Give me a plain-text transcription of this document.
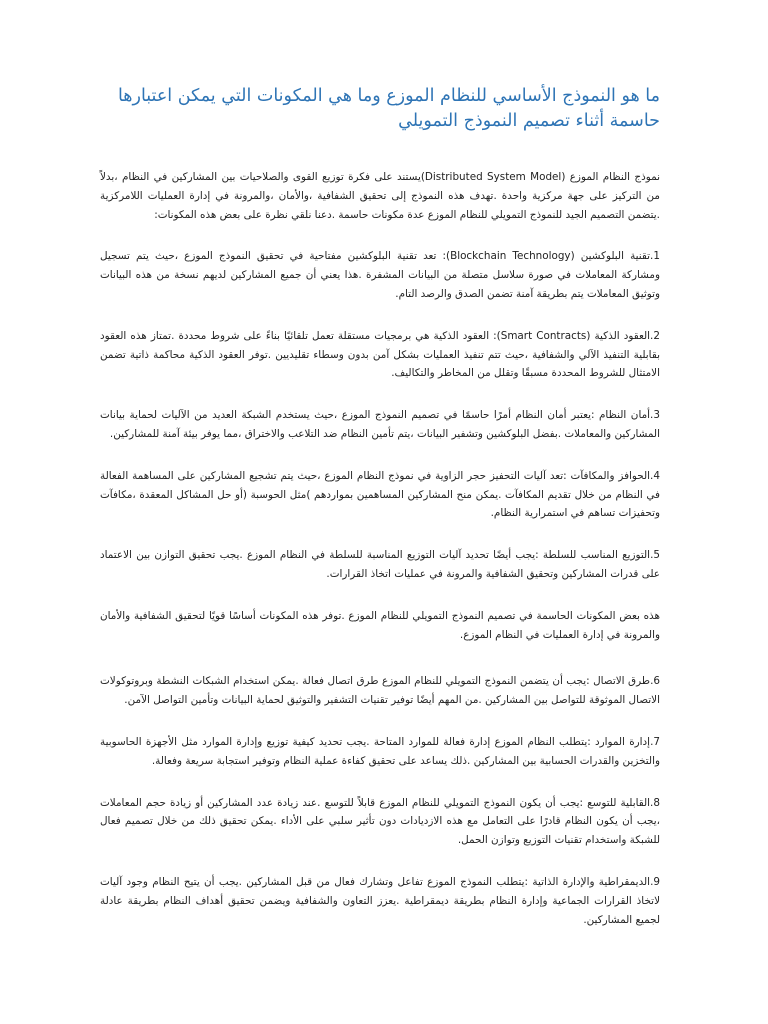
ما هو النموذج الأساسي للنظام الموزع وما هي المكونات التي يمكن اعتبارها حاسمة أثناء تصميم النموذج التمويلي

نموذج النظام الموزع (Distributed System Model)يستند على فكرة توزيع القوى والصلاحيات بين المشاركين في النظام ،بدلاً من التركيز على جهة مركزية واحدة .تهدف هذه النموذج إلى تحقيق الشفافية ،والأمان ،والمرونة في إدارة العمليات اللامركزية .يتضمن التصميم الجيد للنموذج التمويلي للنظام الموزع عدة مكونات حاسمة .دعنا نلقي نظرة على بعض هذه المكونات:

1.تقنية البلوكشين (Blockchain Technology): تعد تقنية البلوكشين مفتاحية في تحقيق النموذج الموزع ،حيث يتم تسجيل ومشاركة المعاملات في صورة سلاسل متصلة من البيانات المشفرة .هذا يعني أن جميع المشاركين لديهم نسخة من هذه البيانات وتوثيق المعاملات يتم بطريقة آمنة تضمن الصدق والرصد التام.

2.العقود الذكية (Smart Contracts): العقود الذكية هي برمجيات مستقلة تعمل تلقائيًا بناءً على شروط محددة .تمتاز هذه العقود بقابلية التنفيذ الآلي والشفافية ،حيث تتم تنفيذ العمليات بشكل آمن بدون وسطاء تقليديين .توفر العقود الذكية محاكمة ذاتية تضمن الامتثال للشروط المحددة مسبقًا وتقلل من المخاطر والتكاليف.

3.أمان النظام :يعتبر أمان النظام أمرًا حاسمًا في تصميم النموذج الموزع ،حيث يستخدم الشبكة العديد من الآليات لحماية بيانات المشاركين والمعاملات .بفضل البلوكشين وتشفير البيانات ،يتم تأمين النظام ضد التلاعب والاختراق ،مما يوفر بيئة آمنة للمشاركين.

4.الحوافز والمكافآت :تعد آليات التحفيز حجر الزاوية في نموذج النظام الموزع ،حيث يتم تشجيع المشاركين على المساهمة الفعالة في النظام من خلال تقديم المكافآت .يمكن منح المشاركين المساهمين بمواردهم )مثل الحوسبة (أو حل المشاكل المعقدة ،مكافآت وتحفيزات تساهم في استمرارية النظام.

5.التوزيع المناسب للسلطة :يجب أيضًا تحديد آليات التوزيع المناسبة للسلطة في النظام الموزع .يجب تحقيق التوازن بين الاعتماد على قدرات المشاركين وتحقيق الشفافية والمرونة في عمليات اتخاذ القرارات.

هذه بعض المكونات الحاسمة في تصميم النموذج التمويلي للنظام الموزع .توفر هذه المكونات أساسًا قويًا لتحقيق الشفافية والأمان والمرونة في إدارة العمليات في النظام الموزع.

6.طرق الاتصال :يجب أن يتضمن النموذج التمويلي للنظام الموزع طرق اتصال فعالة .يمكن استخدام الشبكات النشطة وبروتوكولات الاتصال الموثوقة للتواصل بين المشاركين .من المهم أيضًا توفير تقنيات التشفير والتوثيق لحماية البيانات وتأمين التواصل الآمن.

7.إدارة الموارد :يتطلب النظام الموزع إدارة فعالة للموارد المتاحة .يجب تحديد كيفية توزيع وإدارة الموارد مثل الأجهزة الحاسوبية والتخزين والقدرات الحسابية بين المشاركين .ذلك يساعد على تحقيق كفاءة عملية النظام وتوفير استجابة سريعة وفعالة.

8.القابلية للتوسع :يجب أن يكون النموذج التمويلي للنظام الموزع قابلاً للتوسع .عند زيادة عدد المشاركين أو زيادة حجم المعاملات ،يجب أن يكون النظام قادرًا على التعامل مع هذه الازديادات دون تأثير سلبي على الأداء .يمكن تحقيق ذلك من خلال تصميم فعال للشبكة واستخدام تقنيات التوزيع وتوازن الحمل.

9.الديمقراطية والإدارة الذاتية :يتطلب النموذج الموزع تفاعل وتشارك فعال من قبل المشاركين .يجب أن يتيح النظام وجود آليات لاتخاذ القرارات الجماعية وإدارة النظام بطريقة ديمقراطية .يعزز التعاون والشفافية ويضمن تحقيق أهداف النظام بطريقة عادلة لجميع المشاركين.
